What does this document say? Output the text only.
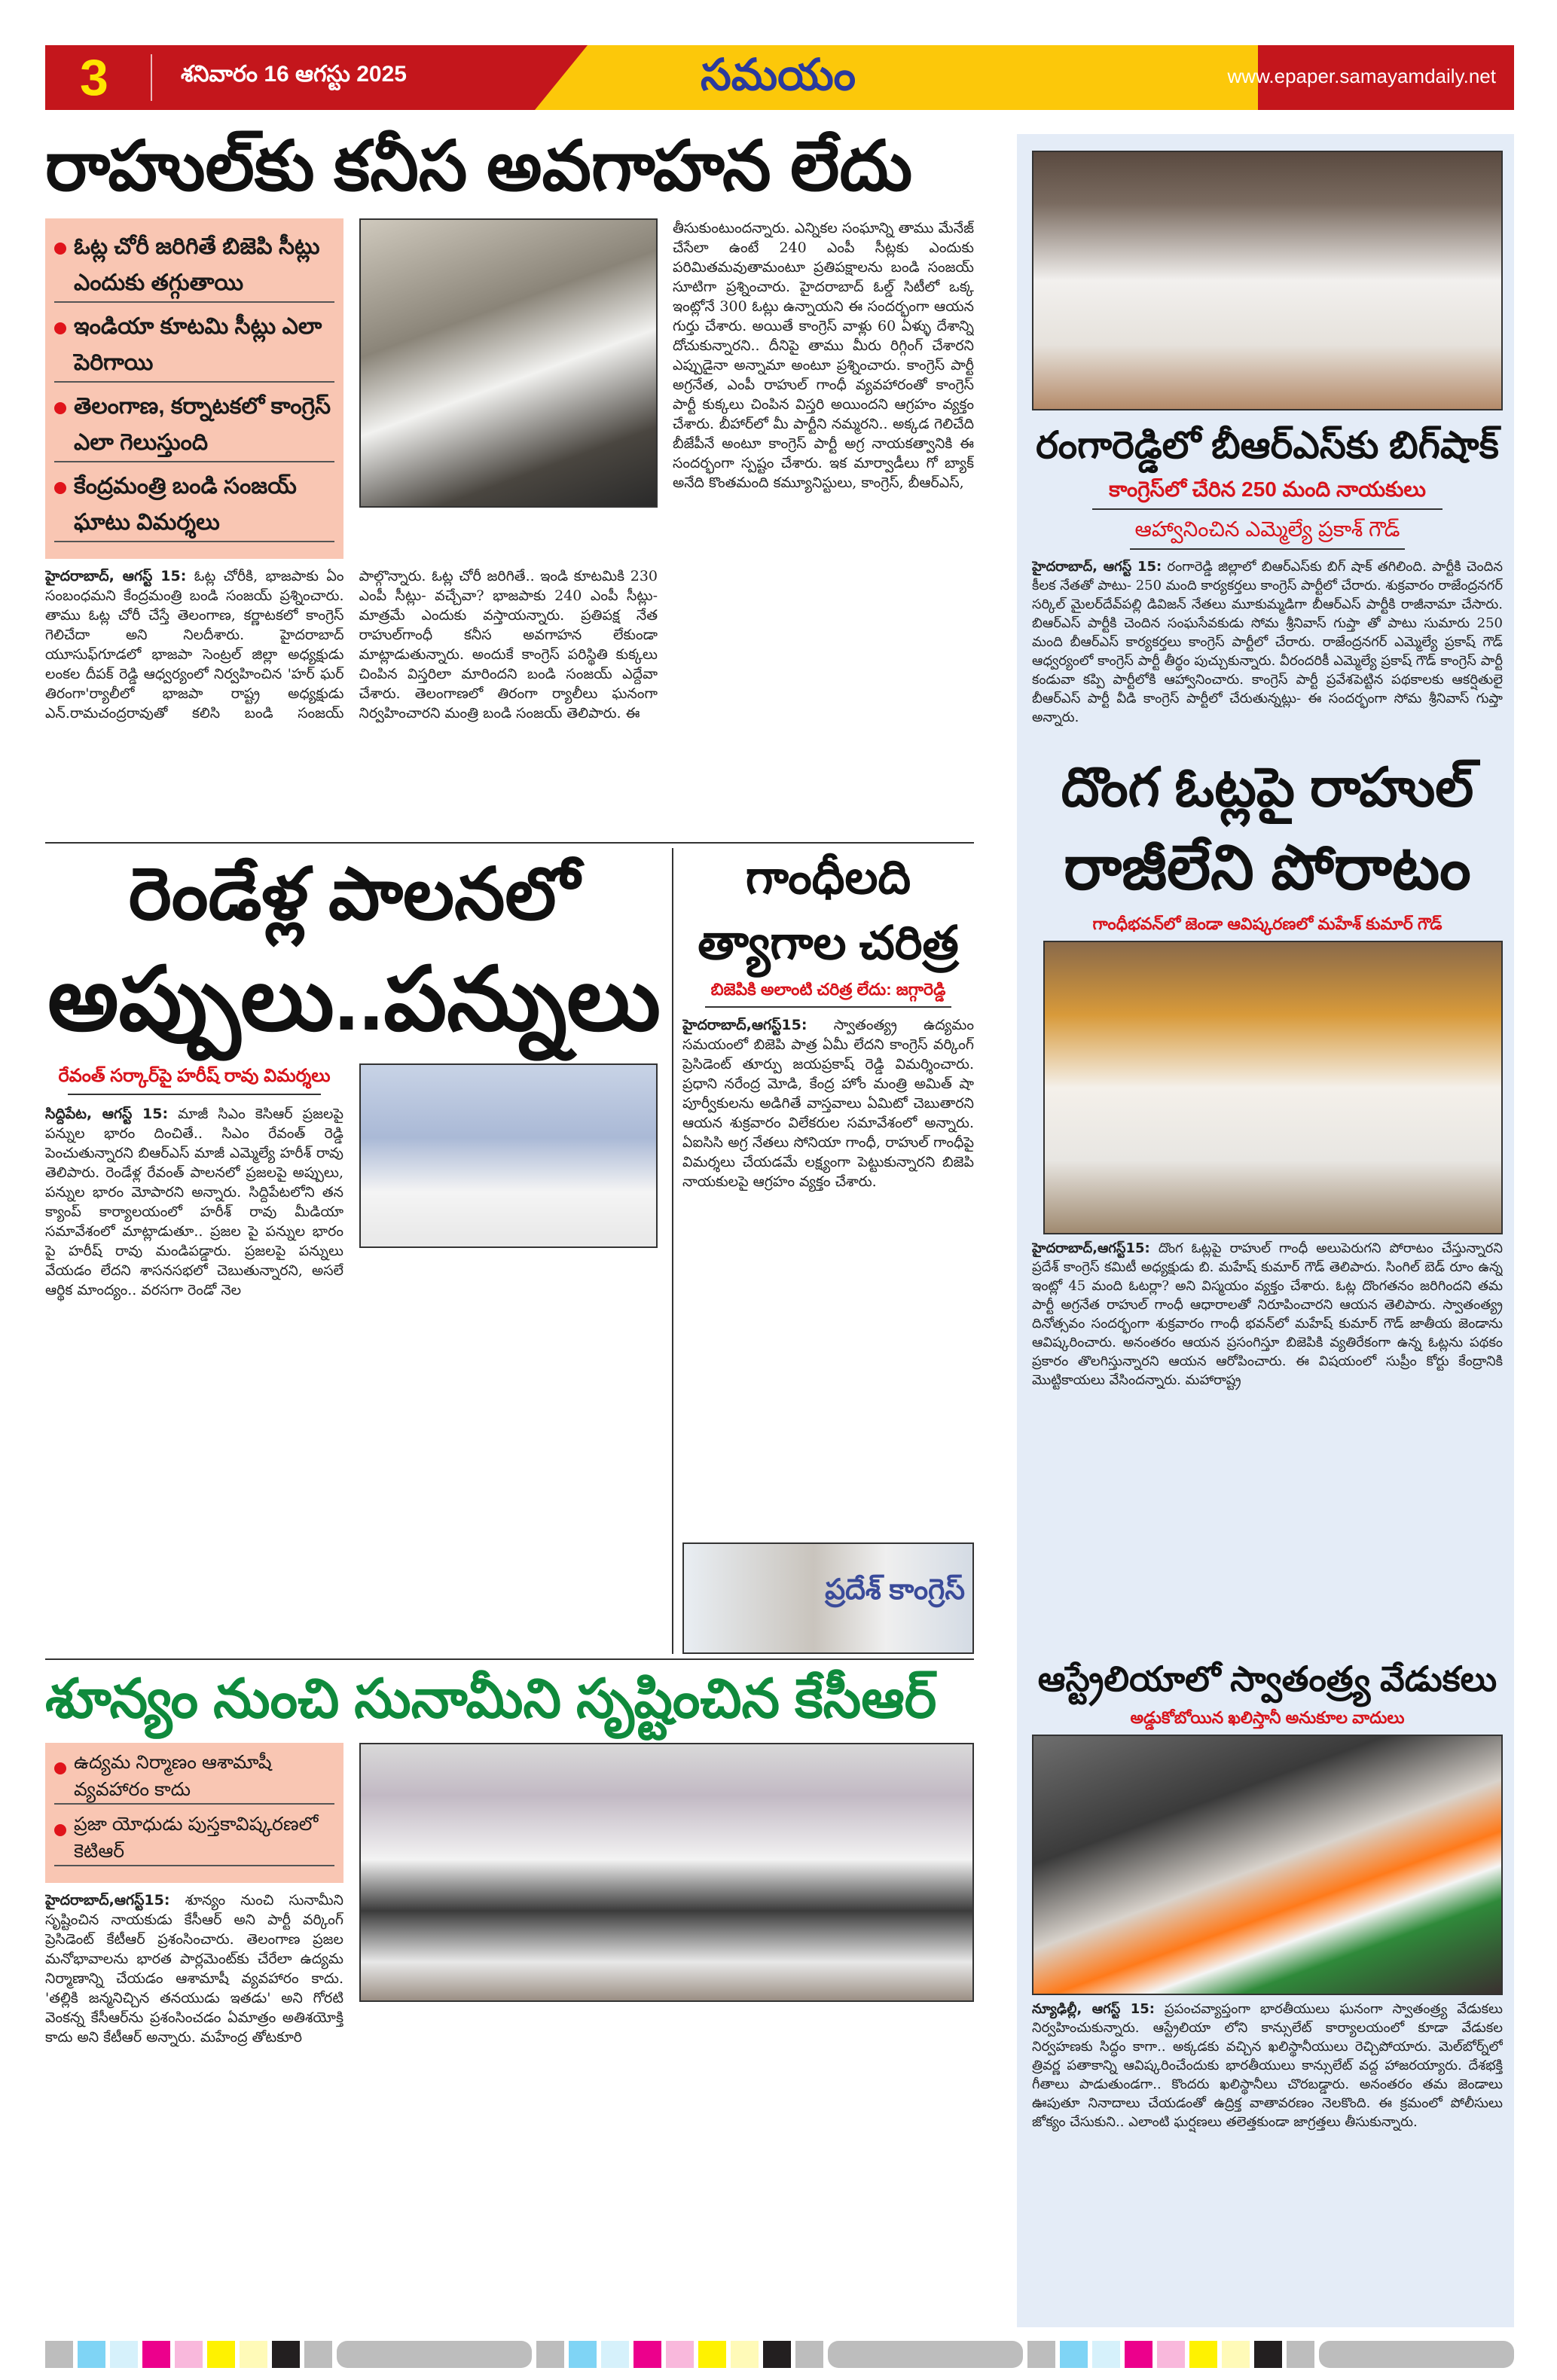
3	శనివారం 16 ఆగస్టు 2025	సమయం	www.epaper.samayamdaily.net
రాహుల్‌కు కనీస అవగాహన లేదు
ఓట్ల చోరీ జరిగితే బిజెపి సీట్లు ఎందుకు తగ్గుతాయి
ఇండియా కూటమి సీట్లు ఎలా పెరిగాయి
తెలంగాణ, కర్నాటకలో కాంగ్రెస్ ఎలా గెలుస్తుంది
కేంద్రమంత్రి బండి సంజయ్ ఘాటు విమర్శలు
హైదరాబాద్, ఆగస్ట్ 15: ఓట్ల చోరీకి, భాజపాకు ఏం సంబంధమని కేంద్రమంత్రి బండి సంజయ్ ప్రశ్నించారు. తాము ఓట్ల చోరీ చేస్తే తెలంగాణ, కర్ణాటకలో కాంగ్రెస్ గెలిచేదా అని నిలదీశారు. హైదరాబాద్ యూసుఫ్‌గూడలో భాజపా సెంట్రల్ జిల్లా అధ్యక్షుడు లంకల దీపక్ రెడ్డి ఆధ్వర్యంలో నిర్వహించిన 'హర్ ఘర్ తిరంగా'ర్యాలీలో భాజపా రాష్ట్ర అధ్యక్షుడు ఎన్.రామచంద్రరావుతో కలిసి బండి సంజయ్ పాల్గొన్నారు. ఓట్ల చోరీ జరిగితే.. ఇండి కూటమికి 230 ఎంపీ సీట్లు- వచ్చేవా? భాజపాకు 240 ఎంపీ సీట్లు- మాత్రమే ఎందుకు వస్తాయన్నారు. ప్రతిపక్ష నేత రాహుల్‌గాంధీ కనీస అవగాహన లేకుండా మాట్లాడుతున్నారు. అందుకే కాంగ్రెస్ పరిస్థితి కుక్కలు చింపిన విస్తరిలా మారిందని బండి సంజయ్ ఎద్దేవా చేశారు. తెలంగాణలో తిరంగా ర్యాలీలు ఘనంగా నిర్వహించారని మంత్రి బండి సంజయ్ తెలిపారు. ఈ
తీసుకుంటుందన్నారు. ఎన్నికల సంఘాన్ని తాము మేనేజ్ చేసేలా ఉంటే 240 ఎంపీ సీట్లకు ఎందుకు పరిమితమవుతామంటూ ప్రతిపక్షాలను బండి సంజయ్ సూటిగా ప్రశ్నించారు. హైదరాబాద్ ఓల్డ్ సిటీలో ఒక్క ఇంట్లోనే 300 ఓట్లు ఉన్నాయని ఈ సందర్భంగా ఆయన గుర్తు చేశారు. అయితే కాంగ్రెస్ వాళ్లు 60 ఏళ్ళు దేశాన్ని దోచుకున్నారని.. దీనిపై తాము మీరు రిగ్గింగ్ చేశారని ఎప్పుడైనా అన్నామా అంటూ ప్రశ్నించారు. కాంగ్రెస్ పార్టీ అగ్రనేత, ఎంపీ రాహుల్ గాంధీ వ్యవహారంతో కాంగ్రెస్ పార్టీ కుక్కలు చింపిన విస్తరి అయిందని ఆగ్రహం వ్యక్తం చేశారు. బీహార్‌లో మీ పార్టీని నమ్మరని.. అక్కడ గెలిచేది బీజేపీనే అంటూ కాంగ్రెస్ పార్టీ అగ్ర నాయకత్వానికి ఈ సందర్భంగా స్పష్టం చేశారు. ఇక మార్వాడీలు గో బ్యాక్ అనేది కొంతమంది కమ్యూనిస్టులు, కాంగ్రెస్, బీఆర్ఎస్,
రెండేళ్ల పాలనలో
అప్పులు..పన్నులు
రేవంత్ సర్కార్‌పై హరీష్ రావు విమర్శలు
సిద్దిపేట, ఆగస్ట్ 15: మాజీ సిఎం కెసిఆర్ ప్రజలపై పన్నుల భారం దించితే.. సిఎం రేవంత్ రెడ్డి పెంచుతున్నారని బిఆర్ఎస్ మాజీ ఎమ్మెల్యే హరీశ్ రావు తెలిపారు. రెండేళ్ల రేవంత్ పాలనలో ప్రజలపై అప్పులు, పన్నుల భారం మోపారని అన్నారు. సిద్దిపేటలోని తన క్యాంప్ కార్యాలయంలో హరీశ్ రావు మీడియా సమావేశంలో మాట్లాడుతూ.. ప్రజల పై పన్నుల భారం పై హరీష్ రావు మండిపడ్డారు. ప్రజలపై పన్నులు వేయడం లేదని శాసనసభలో చెబుతున్నారని, అసలే ఆర్థిక మాంద్యం.. వరసగా రెండో నెల
గాంధీలది
త్యాగాల చరిత్ర
బిజెపికి అలాంటి చరిత్ర లేదు: జగ్గారెడ్డి
హైదరాబాద్,ఆగస్ట్15: స్వాతంత్య్ర ఉద్యమం సమయంలో బిజెపి పాత్ర ఏమీ లేదని కాంగ్రెస్ వర్కింగ్ ప్రెసిడెంట్ తూర్పు జయప్రకాష్ రెడ్డి విమర్శించారు. ప్రధాని నరేంద్ర మోడి, కేంద్ర హోం మంత్రి అమిత్ షా పూర్వీకులను అడిగితే వాస్తవాలు ఏమిటో చెబుతారని ఆయన శుక్రవారం విలేకరుల సమావేశంలో అన్నారు. ఏఐసిసి అగ్ర నేతలు సోనియా గాంధీ, రాహుల్ గాంధీపై విమర్శలు చేయడమే లక్ష్యంగా పెట్టుకున్నారని బిజెపి నాయకులపై ఆగ్రహం వ్యక్తం చేశారు.
ప్రదేశ్ కాంగ్రెస్
శూన్యం నుంచి సునామీని సృష్టించిన కేసీఆర్
ఉద్యమ నిర్మాణం ఆశామాషీ వ్యవహారం కాదు
ప్రజా యోధుడు పుస్తకావిష్కరణలో కెటిఆర్
హైదరాబాద్,ఆగస్ట్15: శూన్యం నుంచి సునామీని సృష్టించిన నాయకుడు కేసీఆర్ అని పార్టీ వర్కింగ్ ప్రెసిడెంట్ కేటీఆర్ ప్రశంసించారు. తెలంగాణ ప్రజల మనోభావాలను భారత పార్లమెంట్‌కు చేరేలా ఉద్యమ నిర్మాణాన్ని చేయడం ఆశామాషీ వ్యవహారం కాదు. 'తల్లికి జన్మనిచ్చిన తనయుడు ఇతడు' అని గోరటి వెంకన్న కేసీఆర్‌ను ప్రశంసించడం ఏమాత్రం అతిశయోక్తి కాదు అని కేటీఆర్ అన్నారు. మహేంద్ర తోటకూరి
రంగారెడ్డిలో బీఆర్ఎస్‌కు బిగ్‌షాక్
కాంగ్రెస్‌లో చేరిన 250 మంది నాయకులు
ఆహ్వానించిన ఎమ్మెల్యే ప్రకాశ్ గౌడ్
హైదరాబాద్, ఆగస్ట్ 15: రంగారెడ్డి జిల్లాలో బిఆర్ఎస్‌కు బిగ్ షాక్ తగిలింది. పార్టీకి చెందిన కీలక నేతతో పాటు- 250 మంది కార్యకర్తలు కాంగ్రెస్ పార్టీలో చేరారు. శుక్రవారం రాజేంద్రనగర్ సర్కిల్ మైలర్‌దేవ్‌పల్లి డివిజన్ నేతలు మూకుమ్మడిగా బీఆర్ఎస్ పార్టీకి రాజీనామా చేసారు. బిఆర్ఎస్ పార్టీకి చెందిన సంఘసేవకుడు సోమ శ్రీనివాస్ గుప్తా తో పాటు సుమారు 250 మంది బీఆర్ఎస్ కార్యకర్తలు కాంగ్రెస్ పార్టీలో చేరారు. రాజేంద్రనగర్ ఎమ్మెల్యే ప్రకాష్ గౌడ్ ఆధ్వర్యంలో కాంగ్రెస్ పార్టీ తీర్థం పుచ్చుకున్నారు. వీరందరికీ ఎమ్మెల్యే ప్రకాష్ గౌడ్ కాంగ్రెస్ పార్టీ కండువా కప్పి పార్టీలోకి ఆహ్వానించారు. కాంగ్రెస్ పార్టీ ప్రవేశపెట్టిన పథకాలకు ఆకర్షితులై బీఆర్ఎస్ పార్టీ వీడి కాంగ్రెస్ పార్టీలో చేరుతున్నట్లు- ఈ సందర్భంగా సోమ శ్రీనివాస్ గుప్తా అన్నారు.
దొంగ ఓట్లపై రాహుల్
రాజీలేని పోరాటం
గాంధీభవన్‌లో జెండా ఆవిష్కరణలో మహేశ్ కుమార్ గౌడ్
హైదరాబాద్,ఆగస్ట్15: దొంగ ఓట్లపై రాహుల్ గాంధీ అలుపెరుగని పోరాటం చేస్తున్నారని ప్రదేశ్ కాంగ్రెస్ కమిటీ అధ్యక్షుడు బి. మహేష్ కుమార్ గౌడ్ తెలిపారు. సింగిల్ బెడ్ రూం ఉన్న ఇంట్లో 45 మంది ఓటర్లా? అని విస్మయం వ్యక్తం చేశారు. ఓట్ల దొంగతనం జరిగిందని తమ పార్టీ అగ్రనేత రాహుల్ గాంధీ ఆధారాలతో నిరూపించారని ఆయన తెలిపారు. స్వాతంత్య్ర దినోత్సవం సందర్భంగా శుక్రవారం గాంధీ భవన్‌లో మహేష్ కుమార్ గౌడ్ జాతీయ జెండాను ఆవిష్కరించారు. అనంతరం ఆయన ప్రసంగిస్తూ బిజెపికి వ్యతిరేకంగా ఉన్న ఓట్లను పథకం ప్రకారం తొలగిస్తున్నారని ఆయన ఆరోపించారు. ఈ విషయంలో సుప్రీం కోర్టు కేంద్రానికి మొట్టికాయలు వేసిందన్నారు. మహారాష్ట్ర
ఆస్ట్రేలియాలో స్వాతంత్ర్య వేడుకలు
అడ్డుకోబోయిన ఖలిస్తానీ అనుకూల వాదులు
న్యూఢిల్లీ, ఆగస్ట్ 15: ప్రపంచవ్యాప్తంగా భారతీయులు ఘనంగా స్వాతంత్ర్య వేడుకలు నిర్వహించుకున్నారు. ఆస్ట్రేలియా లోని కాన్సులేట్ కార్యాలయంలో కూడా వేడుకల నిర్వహణకు సిద్ధం కాగా.. అక్కడకు వచ్చిన ఖలిస్థానీయులు రెచ్చిపోయారు. మెల్‌బోర్న్‌లో త్రివర్ణ పతాకాన్ని ఆవిష్కరించేందుకు భారతీయులు కాన్సులేట్ వద్ద హాజరయ్యారు. దేశభక్తి గీతాలు పాడుతుండగా.. కొందరు ఖలిస్థానీలు చొరబడ్డారు. అనంతరం తమ జెండాలు ఊపుతూ నినాదాలు చేయడంతో ఉద్రిక్త వాతావరణం నెలకొంది. ఈ క్రమంలో పోలీసులు జోక్యం చేసుకుని.. ఎలాంటి ఘర్షణలు తలెత్తకుండా జాగ్రత్తలు తీసుకున్నారు.
